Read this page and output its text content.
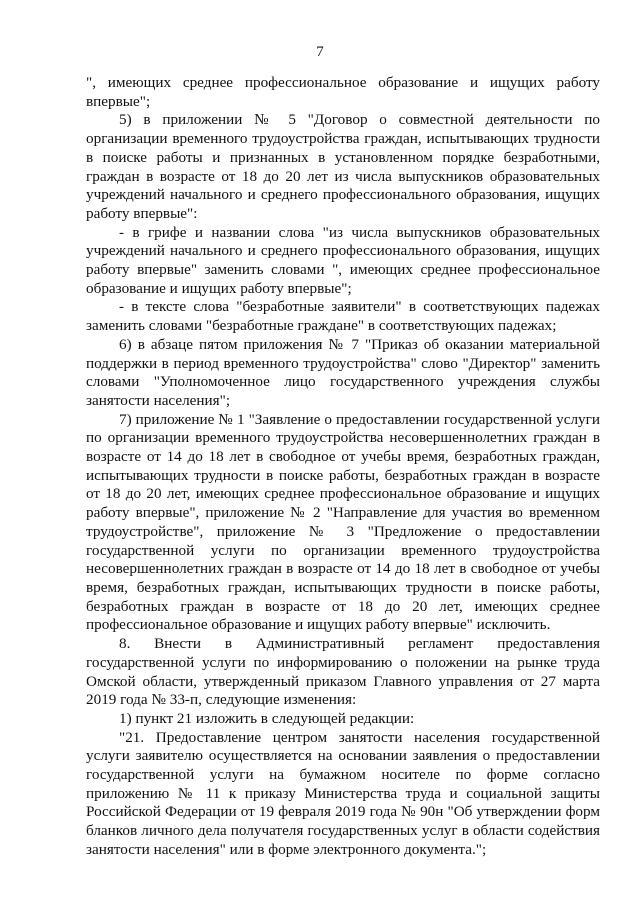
7

", имеющих среднее профессиональное образование и ищущих работу впервые";

5) в приложении № 5 "Договор о совместной деятельности по организации временного трудоустройства граждан, испытывающих трудности в поиске работы и признанных в установленном порядке безработными, граждан в возрасте от 18 до 20 лет из числа выпускников образовательных учреждений начального и среднего профессионального образования, ищущих работу впервые":

- в грифе и названии слова "из числа выпускников образовательных учреждений начального и среднего профессионального образования, ищущих работу впервые" заменить словами ", имеющих среднее профессиональное образование и ищущих работу впервые";

- в тексте слова "безработные заявители" в соответствующих падежах заменить словами "безработные граждане" в соответствующих падежах;

6) в абзаце пятом приложения № 7 "Приказ об оказании материальной поддержки в период временного трудоустройства" слово "Директор" заменить словами "Уполномоченное лицо государственного учреждения службы занятости населения";

7) приложение № 1 "Заявление о предоставлении государственной услуги по организации временного трудоустройства несовершеннолетних граждан в возрасте от 14 до 18 лет в свободное от учебы время, безработных граждан, испытывающих трудности в поиске работы, безработных граждан в возрасте от 18 до 20 лет, имеющих среднее профессиональное образование и ищущих работу впервые", приложение № 2 "Направление для участия во временном трудоустройстве", приложение № 3 "Предложение о предоставлении государственной услуги по организации временного трудоустройства несовершеннолетних граждан в возрасте от 14 до 18 лет в свободное от учебы время, безработных граждан, испытывающих трудности в поиске работы, безработных граждан в возрасте от 18 до 20 лет, имеющих среднее профессиональное образование и ищущих работу впервые" исключить.

8. Внести в Административный регламент предоставления государственной услуги по информированию о положении на рынке труда Омской области, утвержденный приказом Главного управления от 27 марта 2019 года № 33-п, следующие изменения:

1) пункт 21 изложить в следующей редакции:

"21. Предоставление центром занятости населения государственной услуги заявителю осуществляется на основании заявления о предоставлении государственной услуги на бумажном носителе по форме согласно приложению № 11 к приказу Министерства труда и социальной защиты Российской Федерации от 19 февраля 2019 года № 90н "Об утверждении форм бланков личного дела получателя государственных услуг в области содействия занятости населения" или в форме электронного документа.";
